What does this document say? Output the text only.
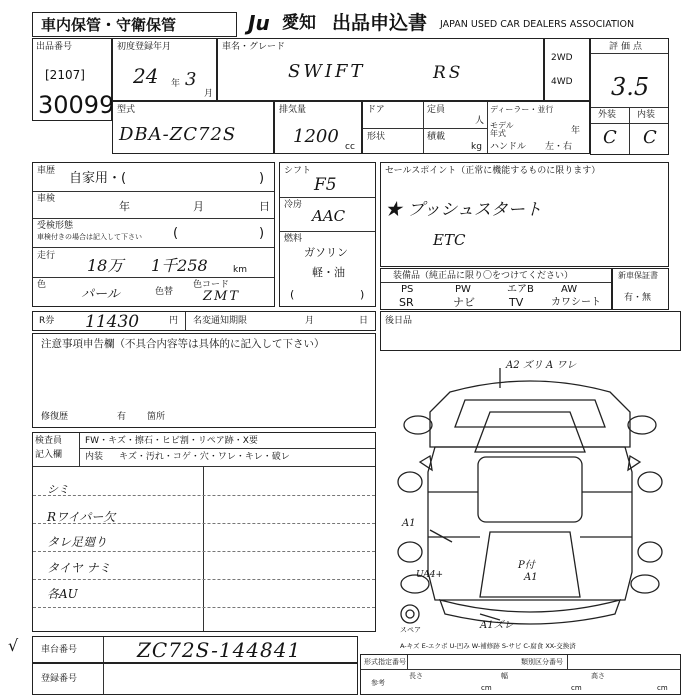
車内保管・守衛保管	Ju 愛知 出品申込書 JAPAN USED CAR DEALERS ASSOCIATION
出品番号
[2107]
30099
初度登録年月
24 年 3
月
車名・グレード
SWIFT	RS
2WD
4WD
評価点
3.5
外装 内装
C C
型式
DBA-ZC72S
排気量
1200 cc
ドア	定員
人
ディーラー・並行
モデル年式	年
形状	積載
kg ハンドル 左・右
車歴 自家用・(	)
車検
年	月	日
受検形態
車検付きの場合は記入して下さい (	)
走行 18万 1千258	km
色
パール	色替
色コード
ZMT
シフト
F5
冷房
AAC
燃料
ガソリン
軽・油
(	)
セールスポイント（正常に機能するものに限ります）
★ プッシュスタート
ETC
装備品（純正品に限り〇をつけてください）
PS	PW	エアB	AW
SR	ナビ	TV	カワシート
新車保証書
有・無
R券 11430	円 名変通知期限	月	日 後日品
注意事項申告欄（不具合内容等は具体的に記入して下さい）
修復歴	有 箇所
検査員
記入欄
FW・キズ・擦石・ヒビ割・リペア跡・X要
内装 キズ・汚れ・コゲ・穴・ワレ・キレ・破レ
シミ
Rワイパー欠
タレ足廻り
タイヤ ナミ
各AU
A2 ズリ A ワレ
A1
UA4+
スペア
P付
A1
A1ズレ
A-キズ E-エクボ U-凹み W-補修跡 S-サビ C-腐食 XX-交換済
√	車台番号	ZC72S-144841
登録番号
形式指定番号	類別区分番号
参考
長さ
cm
幅
cm
高さ
cm
